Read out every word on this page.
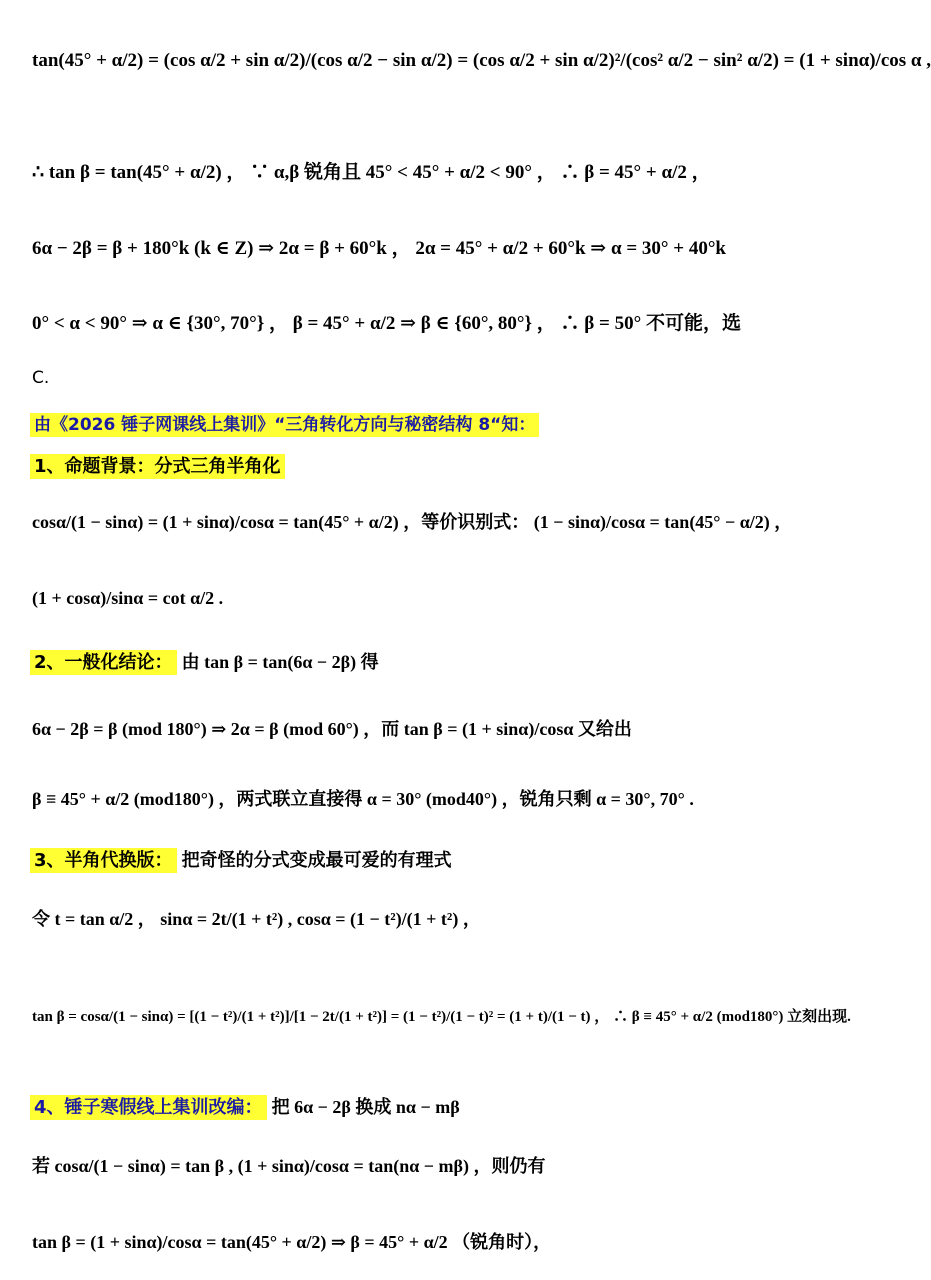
tan(45° + α/2) = (cos α/2 + sin α/2)/(cos α/2 − sin α/2) = (cos α/2 + sin α/2)²/(cos² α/2 − sin² α/2) = (1 + sinα)/cos α ,
∴ tan β = tan(45° + α/2) ， ∵ α,β 锐角且 45° < 45° + α/2 < 90° ， ∴ β = 45° + α/2 ，
6α − 2β = β + 180°k (k ∈ Z) ⇒ 2α = β + 60°k ， 2α = 45° + α/2 + 60°k ⇒ α = 30° + 40°k
0° < α < 90° ⇒ α ∈ {30°, 70°} ， β = 45° + α/2 ⇒ β ∈ {60°, 80°} ， ∴ β = 50° 不可能，选
C.
由《2026 锤子网课线上集训》“三角转化方向与秘密结构 8“知：
1、命题背景：分式三角半角化
cosα/(1 − sinα) = (1 + sinα)/cosα = tan(45° + α/2) ，等价识别式： (1 − sinα)/cosα = tan(45° − α/2) ，
(1 + cosα)/sinα = cot α/2 .
2、一般化结论： 由 tan β = tan(6α − 2β) 得
6α − 2β = β (mod 180°) ⇒ 2α = β (mod 60°) ，而 tan β = (1 + sinα)/cosα 又给出
β ≡ 45° + α/2 (mod180°) ，两式联立直接得 α = 30° (mod40°) ，锐角只剩 α = 30°, 70° .
3、半角代换版： 把奇怪的分式变成最可爱的有理式
令 t = tan α/2 ， sinα = 2t/(1 + t²) , cosα = (1 − t²)/(1 + t²) ，
tan β = cosα/(1 − sinα) = [(1 − t²)/(1 + t²)]/[1 − 2t/(1 + t²)] = (1 − t²)/(1 − t)² = (1 + t)/(1 − t) ， ∴ β ≡ 45° + α/2 (mod180°) 立刻出现.
4、锤子寒假线上集训改编： 把 6α − 2β 换成 nα − mβ
若 cosα/(1 − sinα) = tan β , (1 + sinα)/cosα = tan(nα − mβ) ，则仍有
tan β = (1 + sinα)/cosα = tan(45° + α/2) ⇒ β = 45° + α/2 （锐角时），
